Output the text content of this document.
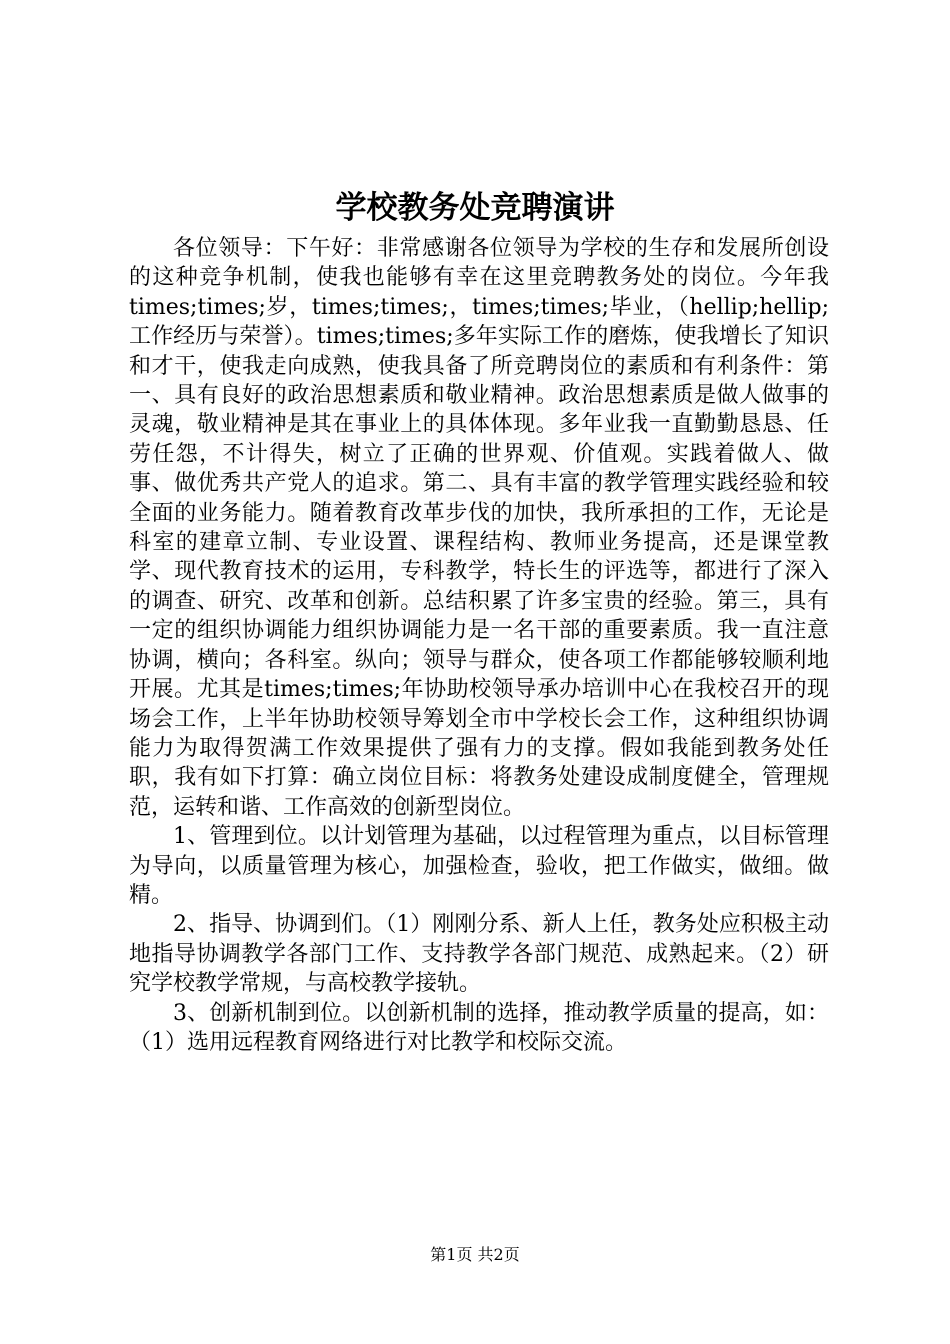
学校教务处竞聘演讲

各位领导：下午好：非常感谢各位领导为学校的生存和发展所创设的这种竞争机制，使我也能够有幸在这里竞聘教务处的岗位。今年我times;times;岁，times;times;，times;times;毕业，（hellip;hellip;工作经历与荣誉）。times;times;多年实际工作的磨炼，使我增长了知识和才干，使我走向成熟，使我具备了所竞聘岗位的素质和有利条件：第一、具有良好的政治思想素质和敬业精神。政治思想素质是做人做事的灵魂，敬业精神是其在事业上的具体体现。多年业我一直勤勤恳恳、任劳任怨，不计得失，树立了正确的世界观、价值观。实践着做人、做事、做优秀共产党人的追求。第二、具有丰富的教学管理实践经验和较全面的业务能力。随着教育改革步伐的加快，我所承担的工作，无论是科室的建章立制、专业设置、课程结构、教师业务提高，还是课堂教学、现代教育技术的运用，专科教学，特长生的评选等，都进行了深入的调查、研究、改革和创新。总结积累了许多宝贵的经验。第三，具有一定的组织协调能力组织协调能力是一名干部的重要素质。我一直注意协调，横向；各科室。纵向；领导与群众，使各项工作都能够较顺利地开展。尤其是times;times;年协助校领导承办培训中心在我校召开的现场会工作，上半年协助校领导筹划全市中学校长会工作，这种组织协调能力为取得贺满工作效果提供了强有力的支撑。假如我能到教务处任职，我有如下打算：确立岗位目标：将教务处建设成制度健全，管理规范，运转和谐、工作高效的创新型岗位。

1、管理到位。以计划管理为基础，以过程管理为重点，以目标管理为导向，以质量管理为核心，加强检查，验收，把工作做实，做细。做精。

2、指导、协调到们。（1）刚刚分系、新人上任，教务处应积极主动地指导协调教学各部门工作、支持教学各部门规范、成熟起来。（2）研究学校教学常规，与高校教学接轨。

3、创新机制到位。以创新机制的选择，推动教学质量的提高，如：（1）选用远程教育网络进行对比教学和校际交流。

第1页 共2页
